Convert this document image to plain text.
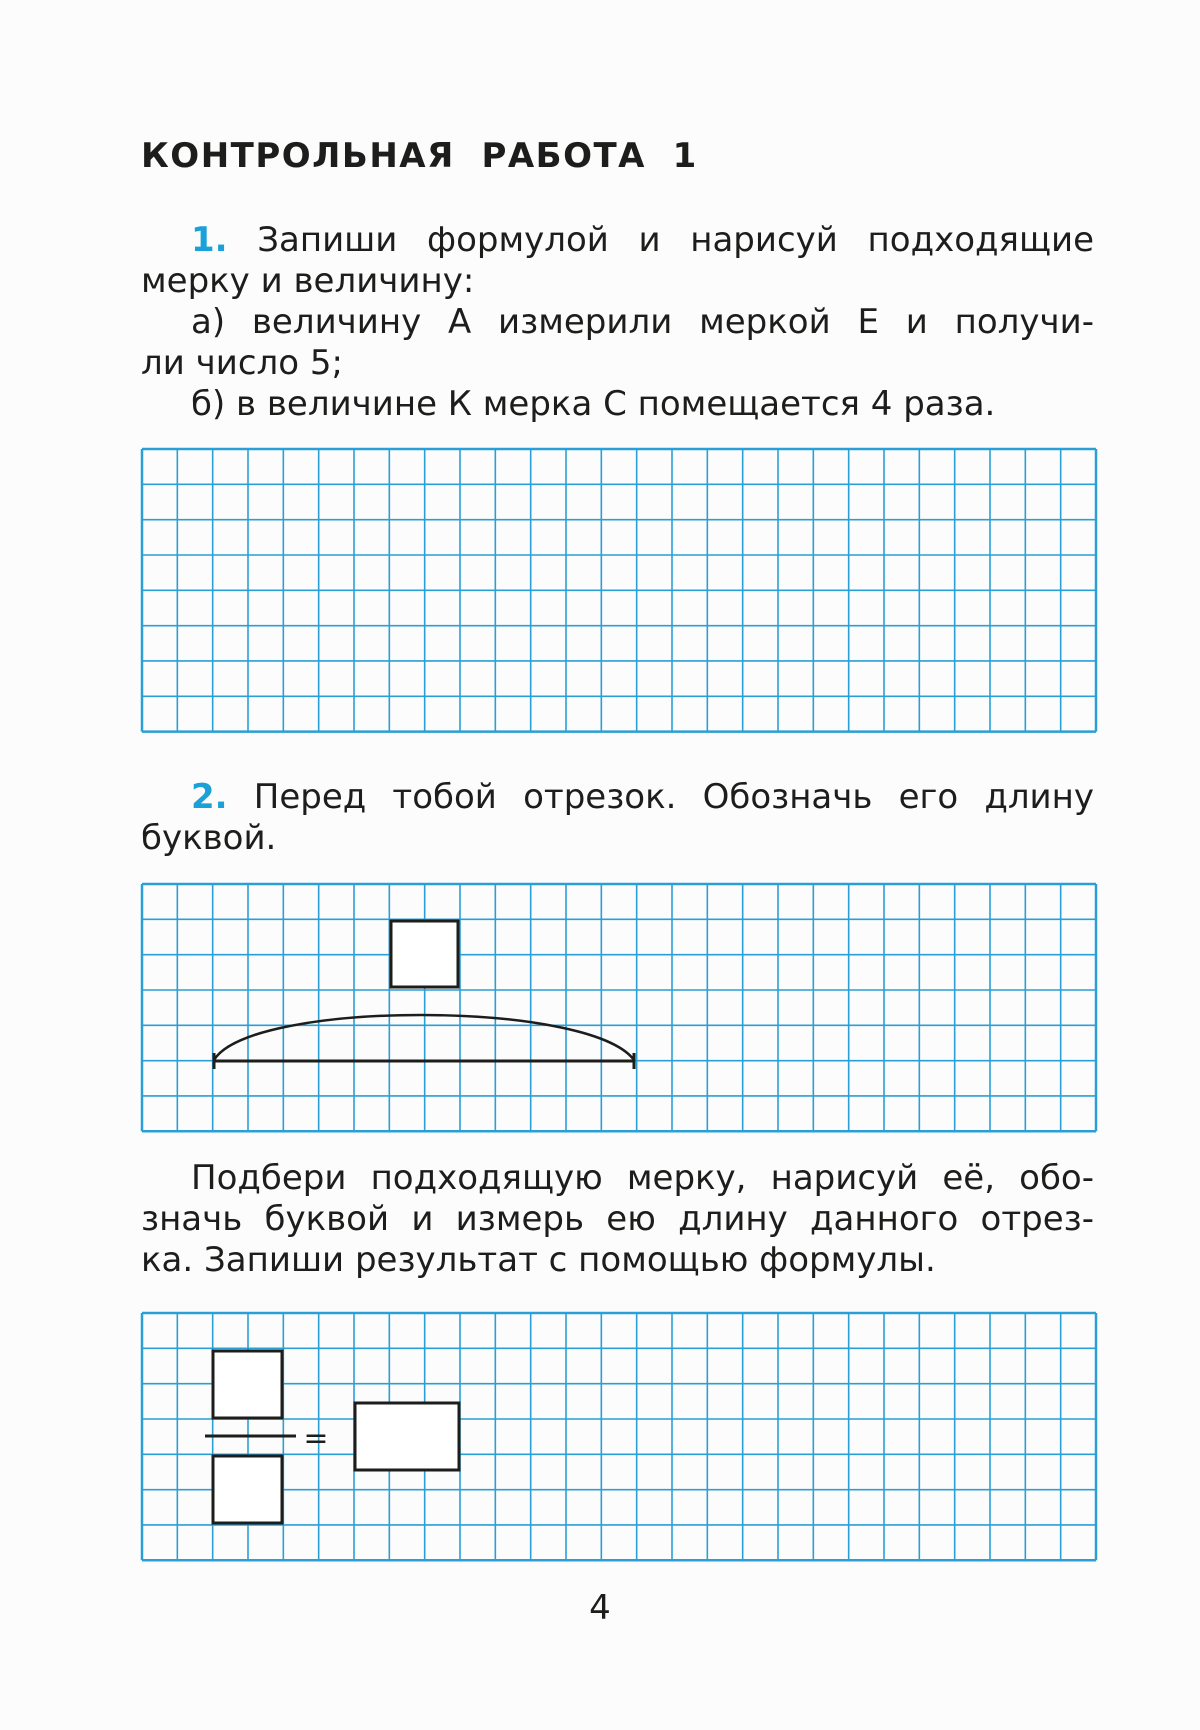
КОНТРОЛЬНАЯ  РАБОТА  1
1. Запиши формулой и нарисуй подходящие
мерку и величину:
а) величину А измерили меркой Е и получи-
ли число 5;
б) в величине К мерка С помещается 4 раза.
2. Перед тобой отрезок. Обозначь его длину
буквой.
Подбери подходящую мерку, нарисуй её, обо-
значь буквой и измерь ею длину данного отрез-
ка. Запиши результат с помощью формулы.
=
4
